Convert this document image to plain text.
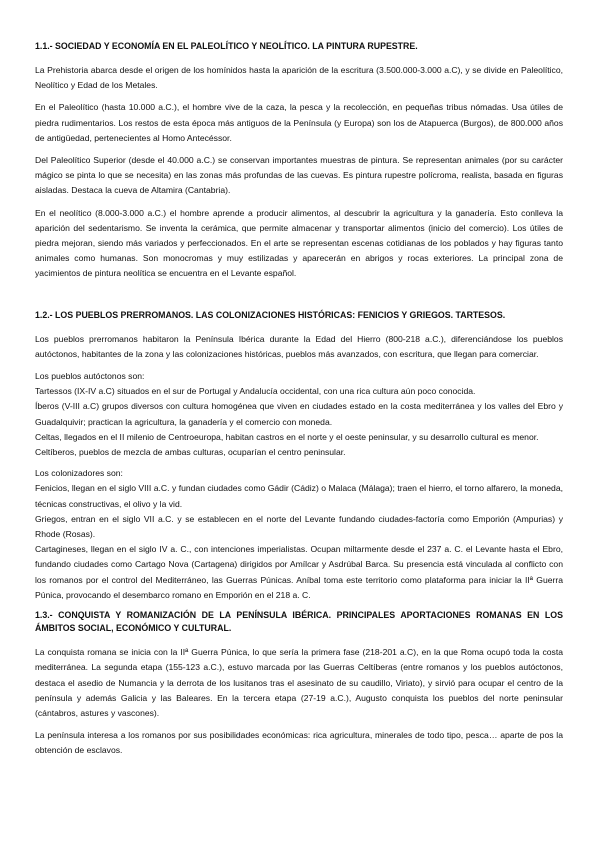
1.1.- SOCIEDAD Y ECONOMÍA EN EL PALEOLÍTICO Y NEOLÍTICO. LA PINTURA RUPESTRE.

La Prehistoria abarca desde el origen de los homínidos hasta la aparición de la escritura (3.500.000-3.000 a.C), y se divide en Paleolítico, Neolítico y Edad de los Metales.

En el Paleolítico (hasta 10.000 a.C.), el hombre vive de la caza, la pesca y la recolección, en pequeñas tribus nómadas. Usa útiles de piedra rudimentarios. Los restos de esta época más antiguos de la Península (y Europa) son los de Atapuerca (Burgos), de 800.000 años de antigüedad, pertenecientes al Homo Antecéssor.

Del Paleolítico Superior (desde el 40.000 a.C.) se conservan importantes muestras de pintura. Se representan animales (por su carácter mágico se pinta lo que se necesita) en las zonas más profundas de las cuevas. Es pintura rupestre polícroma, realista, basada en figuras aisladas. Destaca la cueva de Altamira (Cantabria).

En el neolítico (8.000-3.000 a.C.) el hombre aprende a producir alimentos, al descubrir la agricultura y la ganadería. Esto conlleva la aparición del sedentarismo. Se inventa la cerámica, que permite almacenar y transportar alimentos (inicio del comercio). Los útiles de piedra mejoran, siendo más variados y perfeccionados. En el arte se representan escenas cotidianas de los poblados y hay figuras tanto animales como humanas. Son monocromas y muy estilizadas y aparecerán en abrigos y rocas exteriores. La principal zona de yacimientos de pintura neolítica se encuentra en el Levante español.

1.2.- LOS PUEBLOS PRERROMANOS. LAS COLONIZACIONES HISTÓRICAS: FENICIOS Y GRIEGOS. TARTESOS.

Los pueblos prerromanos habitaron la Península Ibérica durante la Edad del Hierro (800-218 a.C.), diferenciándose los pueblos autóctonos, habitantes de la zona y las colonizaciones históricas, pueblos más avanzados, con escritura, que llegan para comerciar.

Los pueblos autóctonos son:

Tartessos (IX-IV a.C) situados en el sur de Portugal y Andalucía occidental, con una rica cultura aún poco conocida.

Íberos (V-III a.C) grupos diversos con cultura homogénea que viven en ciudades estado en la costa mediterránea y los valles del Ebro y Guadalquivir; practican la agricultura, la ganadería y el comercio con moneda.

Celtas, llegados en el II milenio de Centroeuropa, habitan castros en el norte y el oeste peninsular, y su desarrollo cultural es menor.

Celtíberos, pueblos de mezcla de ambas culturas, ocuparían el centro peninsular.

Los colonizadores son:

Fenicios, llegan en el siglo VIII a.C. y fundan ciudades como Gádir (Cádiz) o Malaca (Málaga); traen el hierro, el torno alfarero, la moneda, técnicas constructivas, el olivo y la vid.

Griegos, entran en el siglo VII a.C. y se establecen en el norte del Levante fundando ciudades-factoría como Emporión (Ampurias) y Rhode (Rosas).

Cartagineses, llegan en el siglo IV a. C., con intenciones imperialistas. Ocupan miltarmente desde el 237 a. C. el Levante hasta el Ebro, fundando ciudades como Cartago Nova (Cartagena) dirigidos por Amílcar y Asdrúbal Barca. Su presencia está vinculada al conflicto con los romanos por el control del Mediterráneo, las Guerras Púnicas. Aníbal toma este territorio como plataforma para iniciar la IIª Guerra Púnica, provocando el desembarco romano en Emporión en el 218 a. C.

1.3.- CONQUISTA Y ROMANIZACIÓN DE LA PENÍNSULA IBÉRICA. PRINCIPALES APORTACIONES ROMANAS EN LOS ÁMBITOS SOCIAL, ECONÓMICO Y CULTURAL.

La conquista romana se inicia con la IIª Guerra Púnica, lo que sería la primera fase (218-201 a.C), en la que Roma ocupó toda la costa mediterránea. La segunda etapa (155-123 a.C.), estuvo marcada por las Guerras Celtíberas (entre romanos y los pueblos autóctonos, destaca el asedio de Numancia y la derrota de los lusitanos tras el asesinato de su caudillo, Viriato), y sirvió para ocupar el centro de la península y además Galicia y las Baleares. En la tercera etapa (27-19 a.C.), Augusto conquista los pueblos del norte peninsular (cántabros, astures y vascones).

La península interesa a los romanos por sus posibilidades económicas: rica agricultura, minerales de todo tipo, pesca… aparte de pos la obtención de esclavos.
